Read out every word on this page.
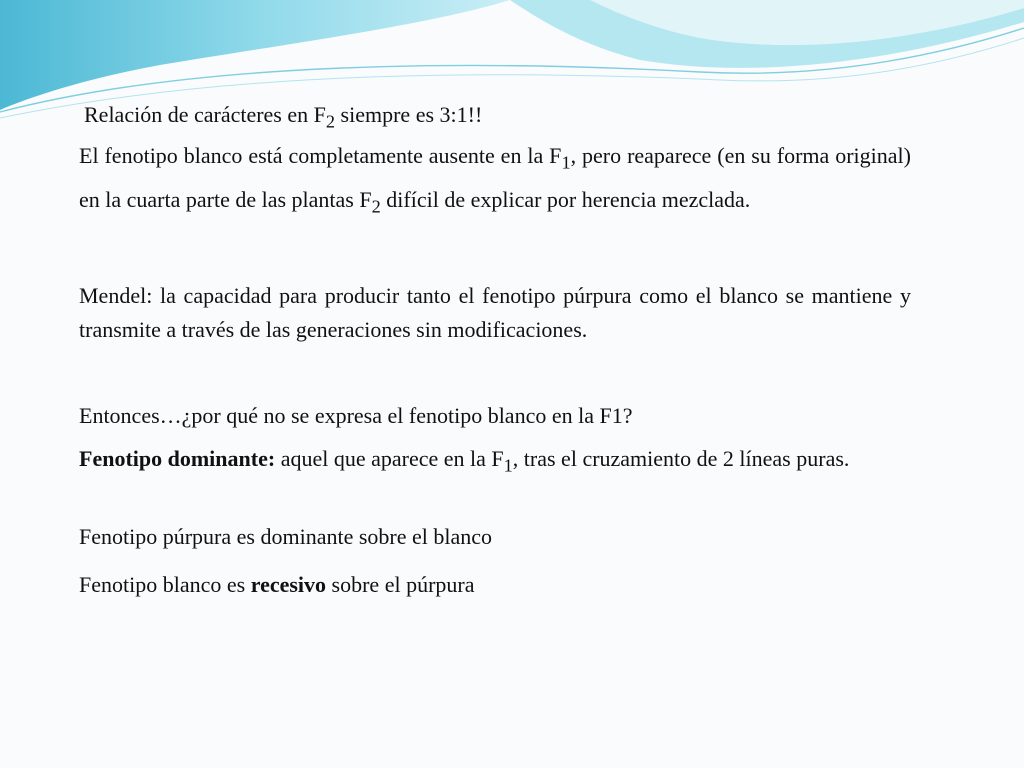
Relación de carácteres en $F_2$ siempre es 3:1!!

El fenotipo blanco está completamente ausente en la $F_1$, pero reaparece (en su forma original) en la cuarta parte de las plantas $F_2$ difícil de explicar por herencia mezclada.

Mendel: la capacidad para producir tanto el fenotipo púrpura como el blanco se mantiene y transmite a través de las generaciones sin modificaciones.

Entonces…¿por qué no se expresa el fenotipo blanco en la F1?

Fenotipo dominante: aquel que aparece en la $F_1$, tras el cruzamiento de 2 líneas puras.

Fenotipo púrpura es dominante sobre el blanco

Fenotipo blanco es recesivo sobre el púrpura
